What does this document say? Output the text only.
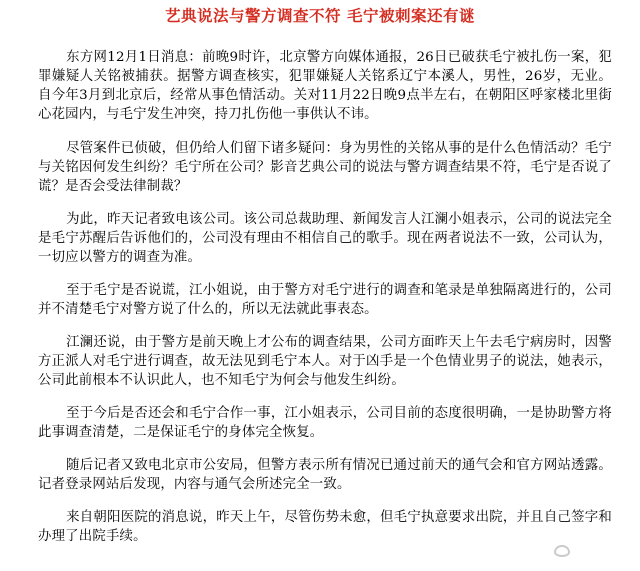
艺典说法与警方调查不符 毛宁被刺案还有谜

东方网12月1日消息：前晚9时许，北京警方向媒体通报，26日已破获毛宁被扎伤一案，犯罪嫌疑人关铭被捕获。据警方调查核实，犯罪嫌疑人关铭系辽宁本溪人，男性，26岁，无业。自今年3月到北京后，经常从事色情活动。关对11月22日晚9点半左右，在朝阳区呼家楼北里街心花园内，与毛宁发生冲突，持刀扎伤他一事供认不讳。

尽管案件已侦破，但仍给人们留下诸多疑问：身为男性的关铭从事的是什么色情活动？毛宁与关铭因何发生纠纷？毛宁所在公司？影音艺典公司的说法与警方调查结果不符，毛宁是否说了谎？是否会受法律制裁？

为此，昨天记者致电该公司。该公司总裁助理、新闻发言人江澜小姐表示，公司的说法完全是毛宁苏醒后告诉他们的，公司没有理由不相信自己的歌手。现在两者说法不一致，公司认为，一切应以警方的调查为准。

至于毛宁是否说谎，江小姐说，由于警方对毛宁进行的调查和笔录是单独隔离进行的，公司并不清楚毛宁对警方说了什么的，所以无法就此事表态。

江澜还说，由于警方是前天晚上才公布的调查结果，公司方面昨天上午去毛宁病房时，因警方正派人对毛宁进行调查，故无法见到毛宁本人。对于凶手是一个色情业男子的说法，她表示，公司此前根本不认识此人，也不知毛宁为何会与他发生纠纷。

至于今后是否还会和毛宁合作一事，江小姐表示，公司目前的态度很明确，一是协助警方将此事调查清楚，二是保证毛宁的身体完全恢复。

随后记者又致电北京市公安局，但警方表示所有情况已通过前天的通气会和官方网站透露。记者登录网站后发现，内容与通气会所述完全一致。

来自朝阳医院的消息说，昨天上午，尽管伤势未愈，但毛宁执意要求出院，并且自己签字和办理了出院手续。
